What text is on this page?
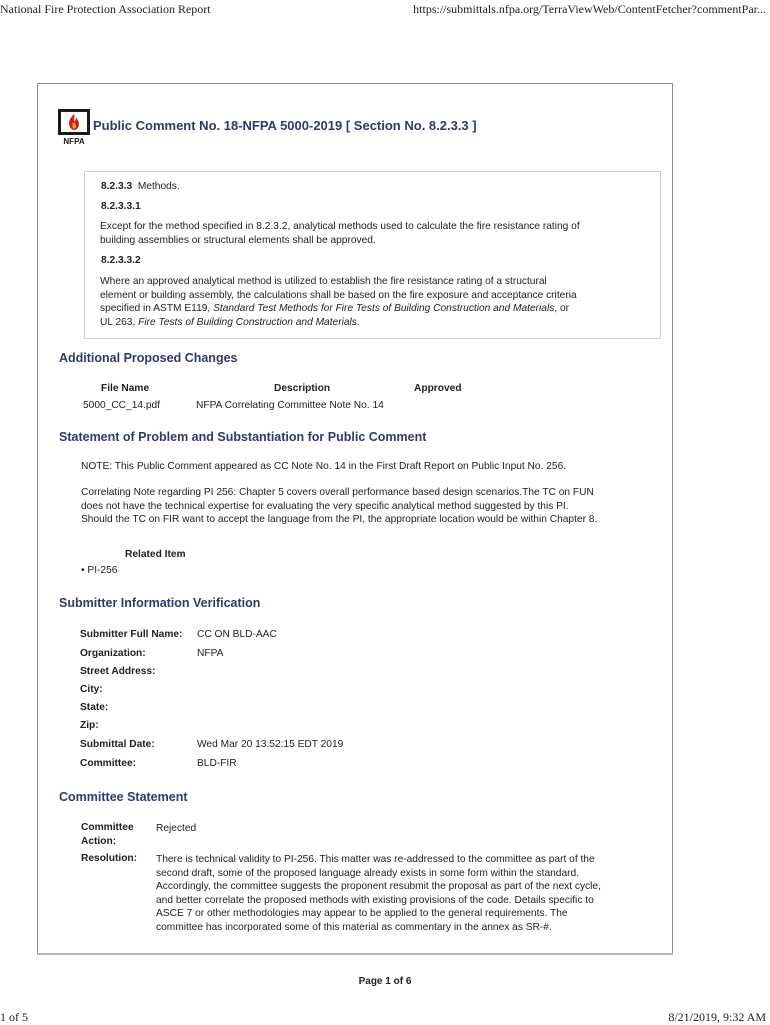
National Fire Protection Association Report	https://submittals.nfpa.org/TerraViewWeb/ContentFetcher?commentPar...
1 of 5	8/21/2019, 9:32 AM
NFPA
Public Comment No. 18-NFPA 5000-2019 [ Section No. 8.2.3.3 ]
8.2.3.3 Methods.
8.2.3.3.1
Except for the method specified in 8.2.3.2, analytical methods used to calculate the fire resistance rating of
building assemblies or structural elements shall be approved.
8.2.3.3.2
Where an approved analytical method is utilized to establish the fire resistance rating of a structural
element or building assembly, the calculations shall be based on the fire exposure and acceptance criteria
specified in ASTM E119, Standard Test Methods for Fire Tests of Building Construction and Materials, or
UL 263, Fire Tests of Building Construction and Materials.
Additional Proposed Changes
File Name	Description	Approved
5000_CC_14.pdf	NFPA Correlating Committee Note No. 14
Statement of Problem and Substantiation for Public Comment
NOTE: This Public Comment appeared as CC Note No. 14 in the First Draft Report on Public Input No. 256.
Correlating Note regarding PI 256: Chapter 5 covers overall performance based design scenarios.The TC on FUN
does not have the technical expertise for evaluating the very specific analytical method suggested by this PI.
Should the TC on FIR want to accept the language from the PI, the appropriate location would be within Chapter 8.
Related Item
• PI-256
Submitter Information Verification
Submitter Full Name: CC ON BLD-AAC
Organization:	NFPA
Street Address:
City:
State:
Zip:
Submittal Date:	Wed Mar 20 13:52:15 EDT 2019
Committee:	BLD-FIR
Committee Statement
Committee
Action:
Rejected
Resolution: There is technical validity to PI-256. This matter was re-addressed to the committee as part of the
second draft, some of the proposed language already exists in some form within the standard.
Accordingly, the committee suggests the proponent resubmit the proposal as part of the next cycle,
and better correlate the proposed methods with existing provisions of the code. Details specific to
ASCE 7 or other methodologies may appear to be applied to the general requirements. The
committee has incorporated some of this material as commentary in the annex as SR-#.
Page 1 of 6
